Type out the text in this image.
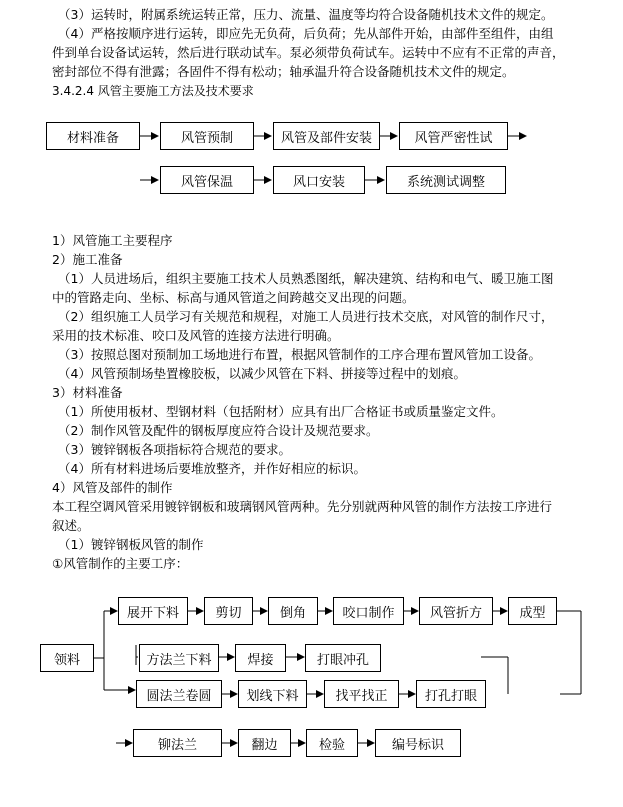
（3）运转时，附属系统运转正常，压力、流量、温度等均符合设备随机技术文件的规定。
（4）严格按顺序进行运转，即应先无负荷，后负荷；先从部件开始，由部件至组件，由组
件到单台设备试运转，然后进行联动试车。泵必须带负荷试车。运转中不应有不正常的声音，
密封部位不得有泄露；各固件不得有松动；轴承温升符合设备随机技术文件的规定。
3.4.2.4 风管主要施工方法及技术要求
材料准备	风管预制	风管及部件安装	风管严密性试
风管保温	风口安装	系统测试调整
1）风管施工主要程序
2）施工准备
（1）人员进场后，组织主要施工技术人员熟悉图纸，解决建筑、结构和电气、暖卫施工图
中的管路走向、坐标、标高与通风管道之间跨越交叉出现的问题。
（2）组织施工人员学习有关规范和规程，对施工人员进行技术交底，对风管的制作尺寸，
采用的技术标准、咬口及风管的连接方法进行明确。
（3）按照总图对预制加工场地进行布置，根据风管制作的工序合理布置风管加工设备。
（4）风管预制场垫置橡胶板，以减少风管在下料、拼接等过程中的划痕。
3）材料准备
（1）所使用板材、型钢材料（包括附材）应具有出厂合格证书或质量鉴定文件。
（2）制作风管及配件的钢板厚度应符合设计及规范要求。
（3）镀锌钢板各项指标符合规范的要求。
（4）所有材料进场后要堆放整齐，并作好相应的标识。
4）风管及部件的制作
本工程空调风管采用镀锌钢板和玻璃钢风管两种。先分别就两种风管的制作方法按工序进行
叙述。
（1）镀锌钢板风管的制作
①风管制作的主要工序：
领料
展开下料	剪切	倒角	咬口制作	风管折方	成型
方法兰下料	焊接	打眼冲孔
圆法兰卷圆	划线下料	找平找正	打孔打眼
铆法兰	翻边	检验	编号标识
